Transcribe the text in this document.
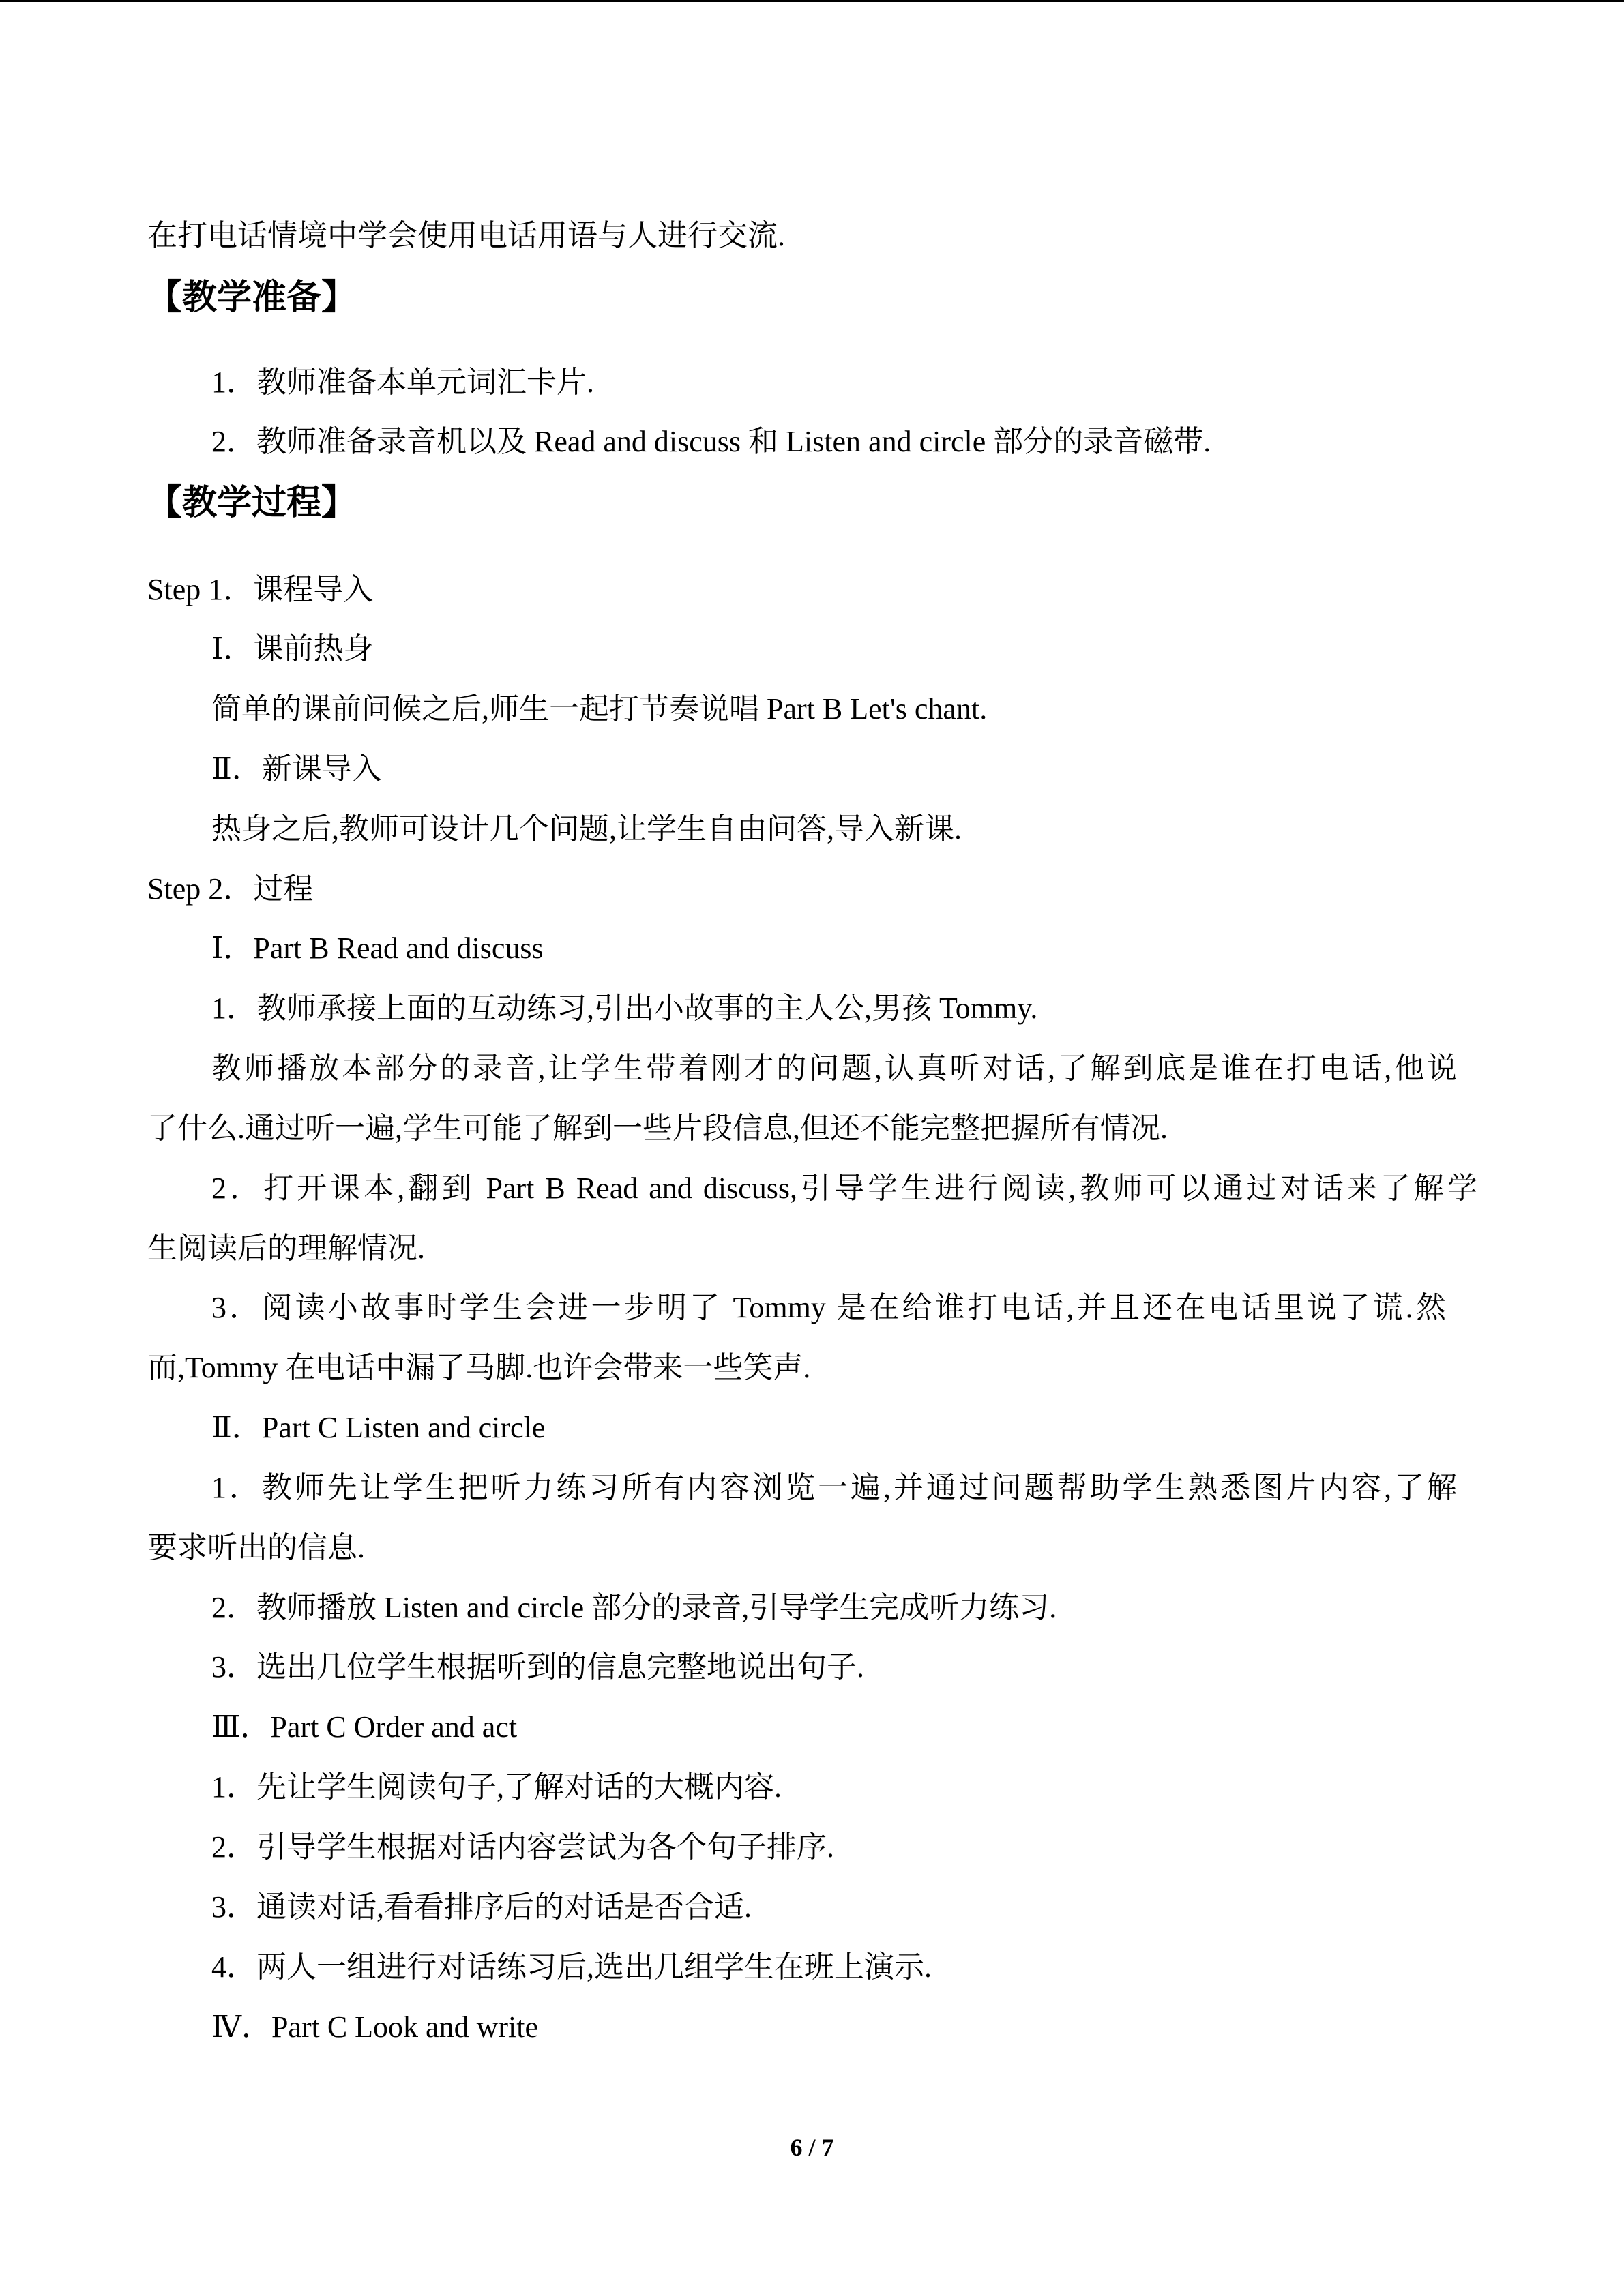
在打电话情境中学会使用电话用语与人进行交流.

【教学准备】

1．教师准备本单元词汇卡片.

2．教师准备录音机以及 Read and discuss 和 Listen and circle 部分的录音磁带.

【教学过程】

Step 1．课程导入

Ⅰ．课前热身

简单的课前问候之后,师生一起打节奏说唱 Part B Let's chant.

Ⅱ．新课导入

热身之后,教师可设计几个问题,让学生自由问答,导入新课.

Step 2．过程

Ⅰ．Part B Read and discuss

1．教师承接上面的互动练习,引出小故事的主人公,男孩 Tommy.

教师播放本部分的录音,让学生带着刚才的问题,认真听对话,了解到底是谁在打电话,他说

了什么.通过听一遍,学生可能了解到一些片段信息,但还不能完整把握所有情况.

2．打开课本,翻到 Part B Read and discuss,引导学生进行阅读,教师可以通过对话来了解学

生阅读后的理解情况.

3．阅读小故事时学生会进一步明了 Tommy 是在给谁打电话,并且还在电话里说了谎.然

而,Tommy 在电话中漏了马脚.也许会带来一些笑声.

Ⅱ．Part C Listen and circle

1．教师先让学生把听力练习所有内容浏览一遍,并通过问题帮助学生熟悉图片内容,了解

要求听出的信息.

2．教师播放 Listen and circle 部分的录音,引导学生完成听力练习.

3．选出几位学生根据听到的信息完整地说出句子.

Ⅲ．Part C Order and act

1．先让学生阅读句子,了解对话的大概内容.

2．引导学生根据对话内容尝试为各个句子排序.

3．通读对话,看看排序后的对话是否合适.

4．两人一组进行对话练习后,选出几组学生在班上演示.

Ⅳ．Part C Look and write

6 / 7
